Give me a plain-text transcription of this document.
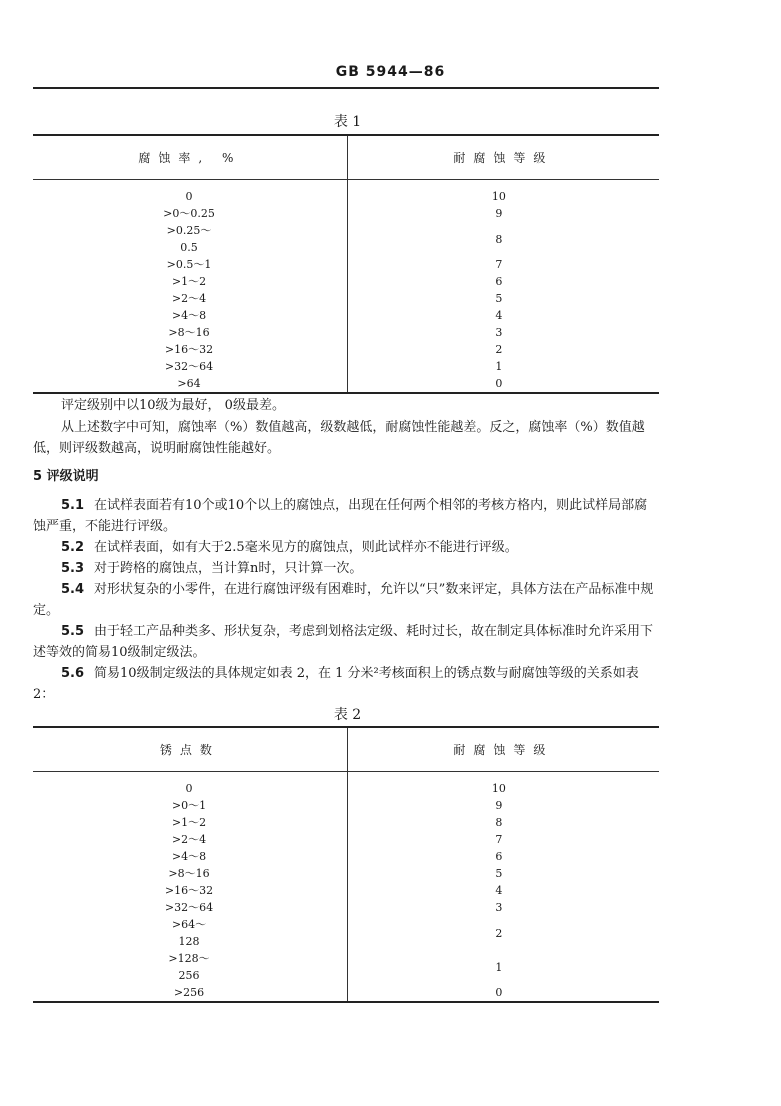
GB 5944—86
表 1
腐蚀率, %	耐腐蚀等级

0	10
>0～0.25	9
>0.25～0.5	8
>0.5～1	7
>1～2	6
>2～4	5
>4～8	4
>8～16	3
>16～32	2
>32～64	1
>64	0
评定级别中以10级为最好， 0级最差。
从上述数字中可知，腐蚀率（%）数值越高，级数越低，耐腐蚀性能越差。反之，腐蚀率（%）数值越低，则评级数越高，说明耐腐蚀性能越好。
5 评级说明
5.1 在试样表面若有10个或10个以上的腐蚀点，出现在任何两个相邻的考核方格内，则此试样局部腐蚀严重，不能进行评级。
5.2 在试样表面，如有大于2.5毫米见方的腐蚀点，则此试样亦不能进行评级。
5.3 对于跨格的腐蚀点，当计算n时，只计算一次。
5.4 对形状复杂的小零件，在进行腐蚀评级有困难时，允许以“只”数来评定，具体方法在产品标准中规定。
5.5 由于轻工产品种类多、形状复杂，考虑到划格法定级、耗时过长，故在制定具体标准时允许采用下述等效的简易10级制定级法。
5.6 简易10级制定级法的具体规定如表 2，在 1 分米²考核面积上的锈点数与耐腐蚀等级的关系如表 2：
表 2
锈点数	耐腐蚀等级

0	10
>0～1	9
>1～2	8
>2～4	7
>4～8	6
>8～16	5
>16～32	4
>32～64	3
>64～128	2
>128～256	1
>256	0
